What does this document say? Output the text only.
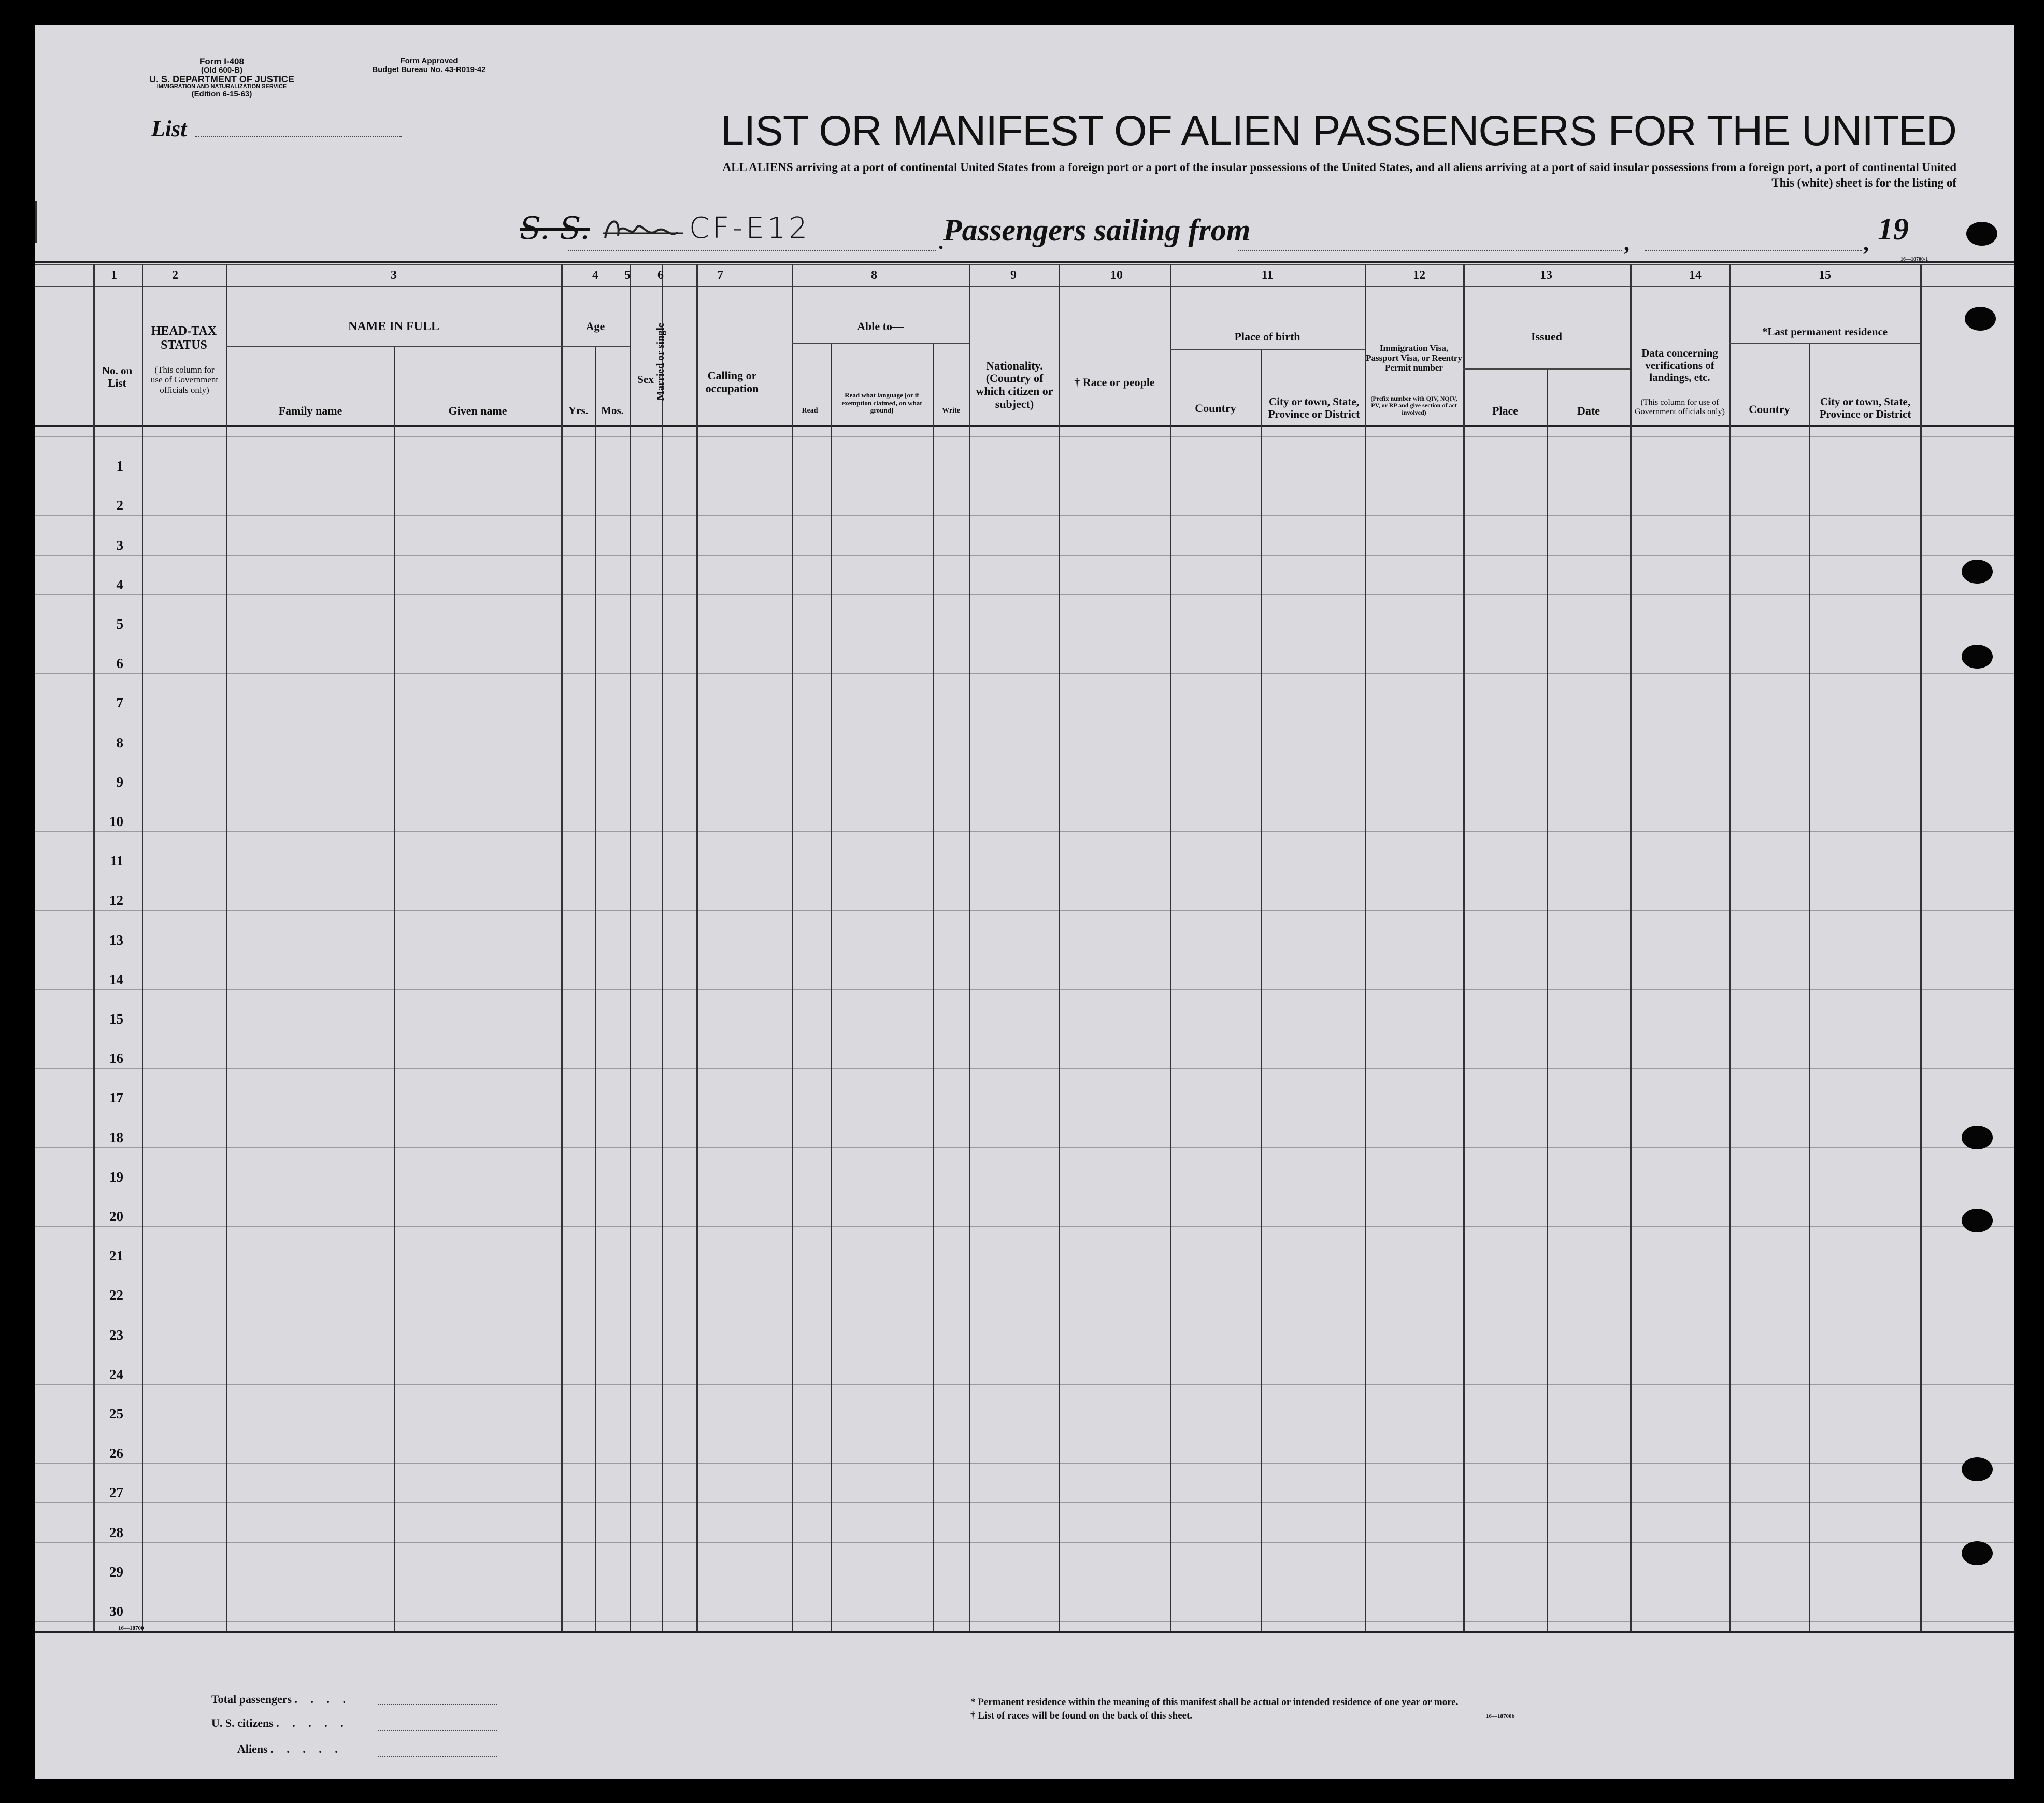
Form I-408
(Old 600-B)
U. S. DEPARTMENT OF JUSTICE
IMMIGRATION AND NATURALIZATION SERVICE
(Edition 6-15-63)
Form Approved
Budget Bureau No. 43-R019-42
List	LIST OR MANIFEST OF ALIEN PASSENGERS FOR THE UNITED
ALL ALIENS arriving at a port of continental United States from a foreign port or a port of the insular possessions of the United States, and all aliens arriving at a port of said insular possessions from a foreign port, a port of continental United
This (white) sheet is for the listing of
S. S.	CF-E12	. Passengers sailing from	,	, 19
16—10700-1
1	2	3	4	5	6	7	8	9	10	11	12	13	14	15
No. on List
HEAD-TAX STATUS
(This column for use of Government officials only)
NAME IN FULL
Family name	Given name
Age
Yrs.	Mos.
Sex Married or single	Calling or occupation
Able to—
Read
Read what language [or if exemption claimed, on what ground]	Write
Nationality. (Country of which citizen or subject)
† Race or people
Place of birth
Country	City or town, State, Province or District
Immigration Visa, Passport Visa, or Reentry Permit number
(Prefix number with QIV, NQIV, PV, or RP and give section of act involved)
Issued
Place	Date
Data concerning verifications of landings, etc.
(This column for use of Government officials only)
*Last permanent residence
Country
City or town, State, Province or District
1
2
3
4
5
6
7
8
9
10
11
12
13
14
15
16
17
18
19
20
21
22
23
24
25
26
27
28
29
30
16—18700
Total passengers . . . .
U. S. citizens . . . . .
Aliens . . . . .
* Permanent residence within the meaning of this manifest shall be actual or intended residence of one year or more.
† List of races will be found on the back of this sheet.	16—18700b
